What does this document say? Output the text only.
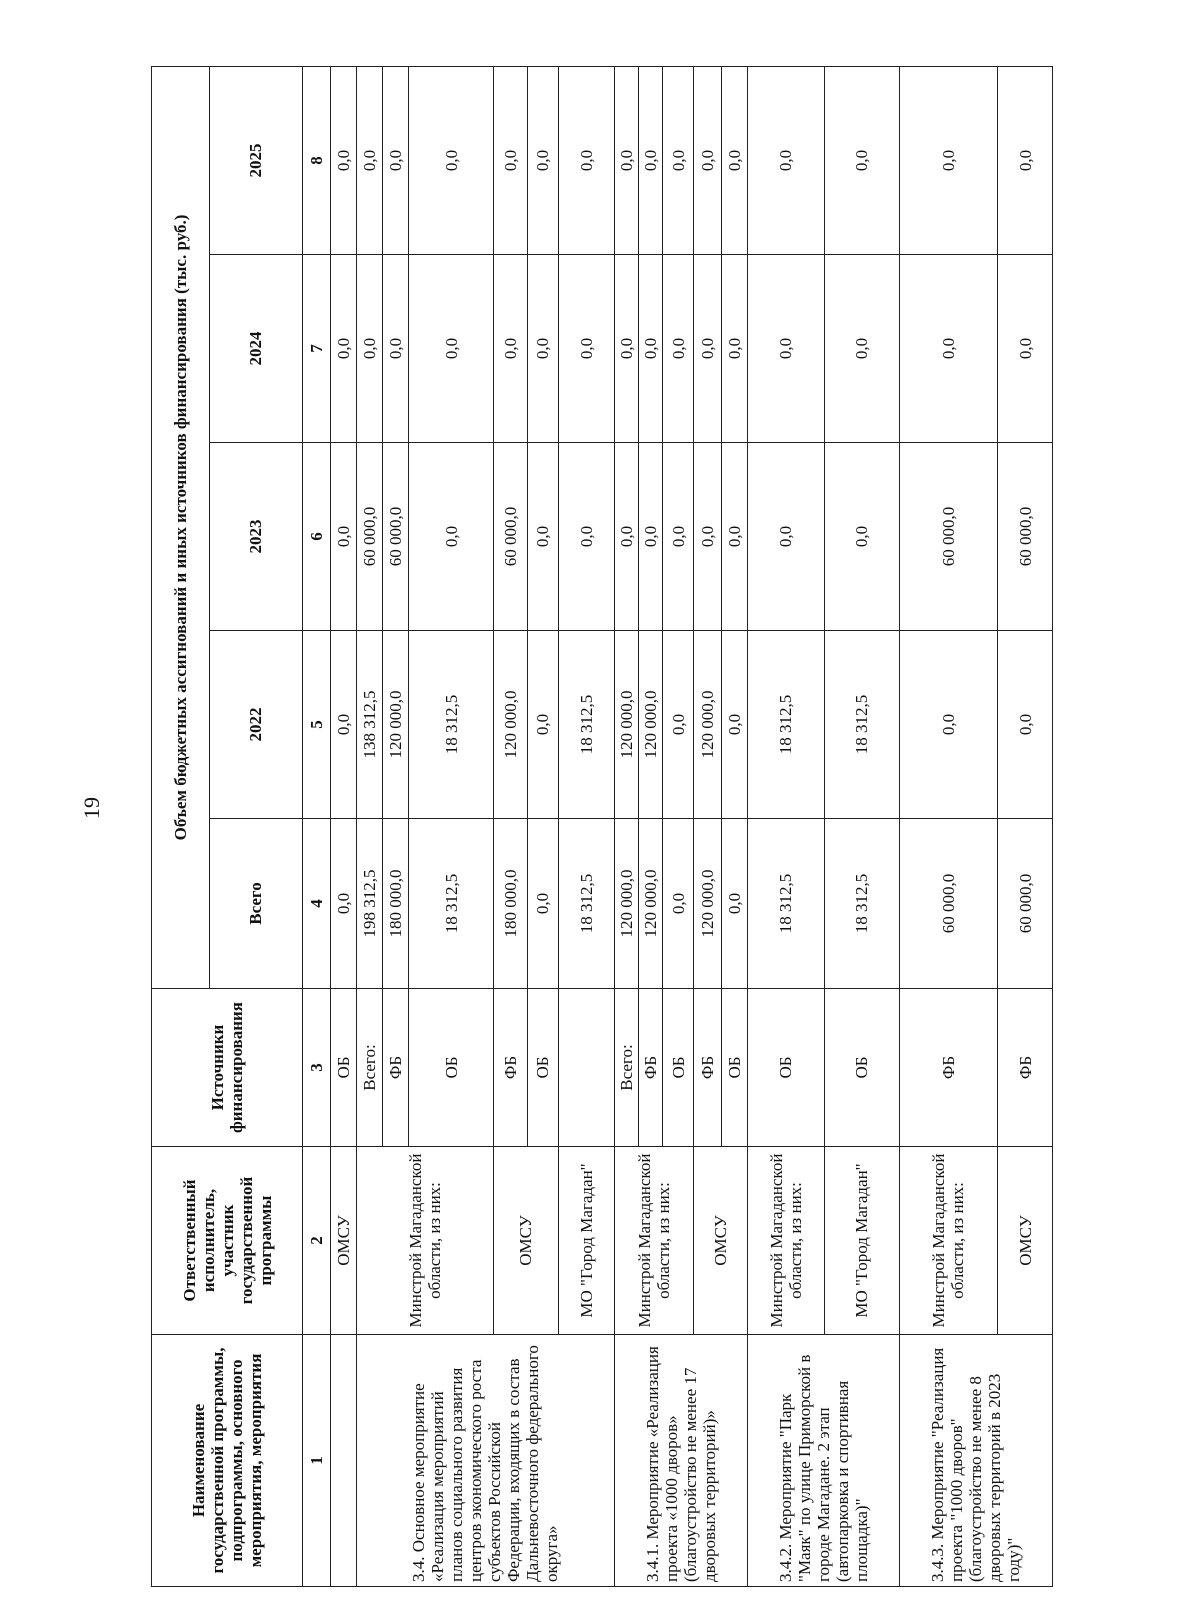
19
Наименование государственной программы, подпрограммы, основного мероприятия, мероприятия	Ответственный исполнитель, участник государственной программы	Источники финансирования	Объем бюджетных ассигнований и иных источников финансирования (тыс. руб.)				
			Всего	2022	2023	2024	2025
1	2	3	4	5	6	7	8
	ОМСУ	ОБ	0,0	0,0	0,0	0,0	0,0
3.4. Основное мероприятие «Реализация мероприятий планов социального развития центров экономического роста субъектов Российской Федерации, входящих в состав Дальневосточного федерального округа»	Минстрой Магаданской области, из них:	Всего:	198 312,5	138 312,5	60 000,0	0,0	0,0
		ФБ	180 000,0	120 000,0	60 000,0	0,0	0,0
		ОБ	18 312,5	18 312,5	0,0	0,0	0,0
	ОМСУ	ФБ	180 000,0	120 000,0	60 000,0	0,0	0,0
		ОБ	0,0	0,0	0,0	0,0	0,0
	МО "Город Магадан"		18 312,5	18 312,5	0,0	0,0	0,0
3.4.1. Мероприятие «Реализация проекта «1000 дворов» (благоустройство не менее 17 дворовых территорий)»	Минстрой Магаданской области, из них:	Всего:	120 000,0	120 000,0	0,0	0,0	0,0
		ФБ	120 000,0	120 000,0	0,0	0,0	0,0
		ОБ	0,0	0,0	0,0	0,0	0,0
	ОМСУ	ФБ	120 000,0	120 000,0	0,0	0,0	0,0
		ОБ	0,0	0,0	0,0	0,0	0,0
3.4.2. Мероприятие "Парк "Маяк" по улице Приморской в городе Магадане. 2 этап (автопарковка и спортивная площадка)"	Минстрой Магаданской области, из них:	ОБ	18 312,5	18 312,5	0,0	0,0	0,0
	МО "Город Магадан"	ОБ	18 312,5	18 312,5	0,0	0,0	0,0
3.4.3. Мероприятие "Реализация проекта "1000 дворов" (благоустройство не менее 8 дворовых территорий в 2023 году)"	Минстрой Магаданской области, из них:	ФБ	60 000,0	0,0	60 000,0	0,0	0,0
	ОМСУ	ФБ	60 000,0	0,0	60 000,0	0,0	0,0
